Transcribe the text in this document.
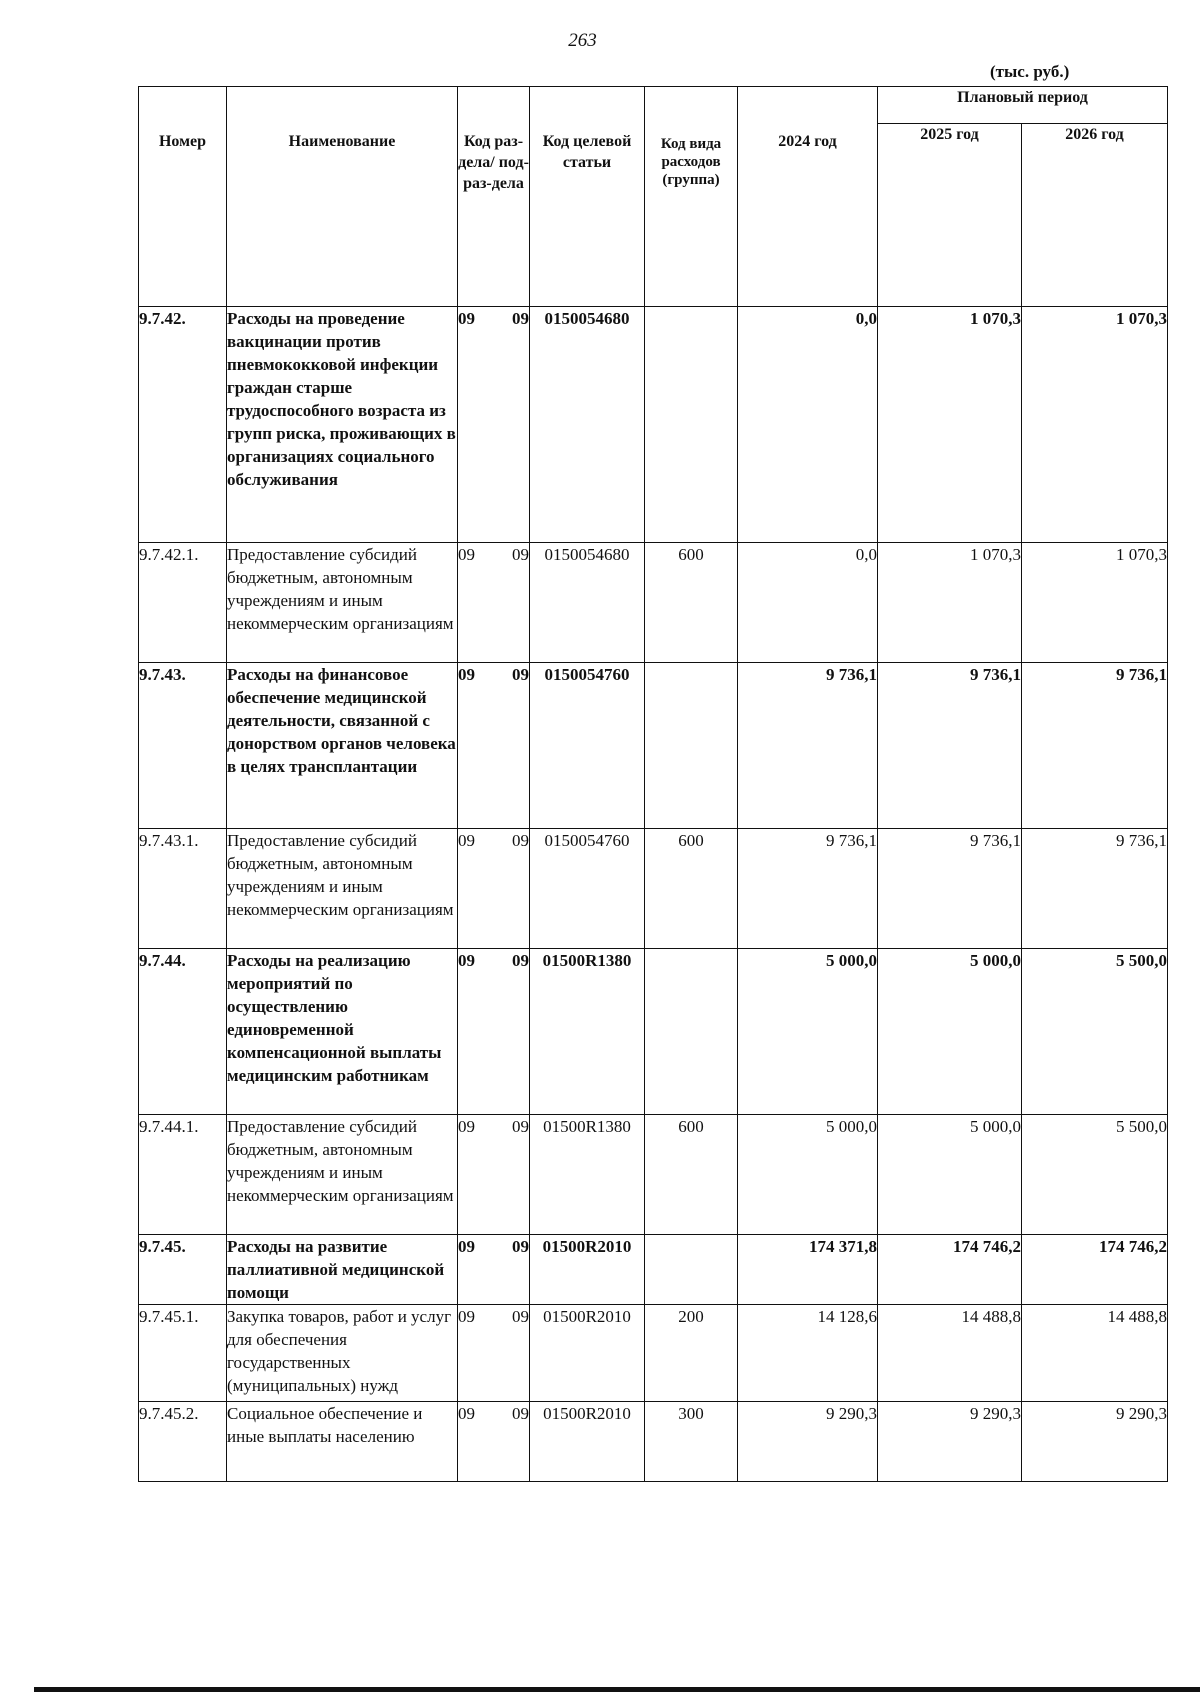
263
(тыс. руб.)
Номер	Наименование	Код раз-дела/ под-раз-дела	Код целевой статьи	Код вида расходов (группа)	2024 год	Плановый период	
						2025 год	2026 год
9.7.42.	Расходы на проведение вакцинации против пневмококковой инфекции граждан старше трудоспособного возраста из групп риска, проживающих в организациях социального обслуживания	09 09	0150054680		0,0	1 070,3	1 070,3
9.7.42.1.	Предоставление субсидий бюджетным, автономным учреждениям и иным некоммерческим организациям	09 09	0150054680	600	0,0	1 070,3	1 070,3
9.7.43.	Расходы на финансовое обеспечение медицинской деятельности, связанной с донорством органов человека в целях трансплантации	09 09	0150054760		9 736,1	9 736,1	9 736,1
9.7.43.1.	Предоставление субсидий бюджетным, автономным учреждениям и иным некоммерческим организациям	09 09	0150054760	600	9 736,1	9 736,1	9 736,1
9.7.44.	Расходы на реализацию мероприятий по осуществлению единовременной компенсационной выплаты медицинским работникам	09 09	01500R1380		5 000,0	5 000,0	5 500,0
9.7.44.1.	Предоставление субсидий бюджетным, автономным учреждениям и иным некоммерческим организациям	09 09	01500R1380	600	5 000,0	5 000,0	5 500,0
9.7.45.	Расходы на развитие паллиативной медицинской помощи	09 09	01500R2010		174 371,8	174 746,2	174 746,2
9.7.45.1.	Закупка товаров, работ и услуг для обеспечения государственных (муниципальных) нужд	09 09	01500R2010	200	14 128,6	14 488,8	14 488,8
9.7.45.2.	Социальное обеспечение и иные выплаты населению	09 09	01500R2010	300	9 290,3	9 290,3	9 290,3
